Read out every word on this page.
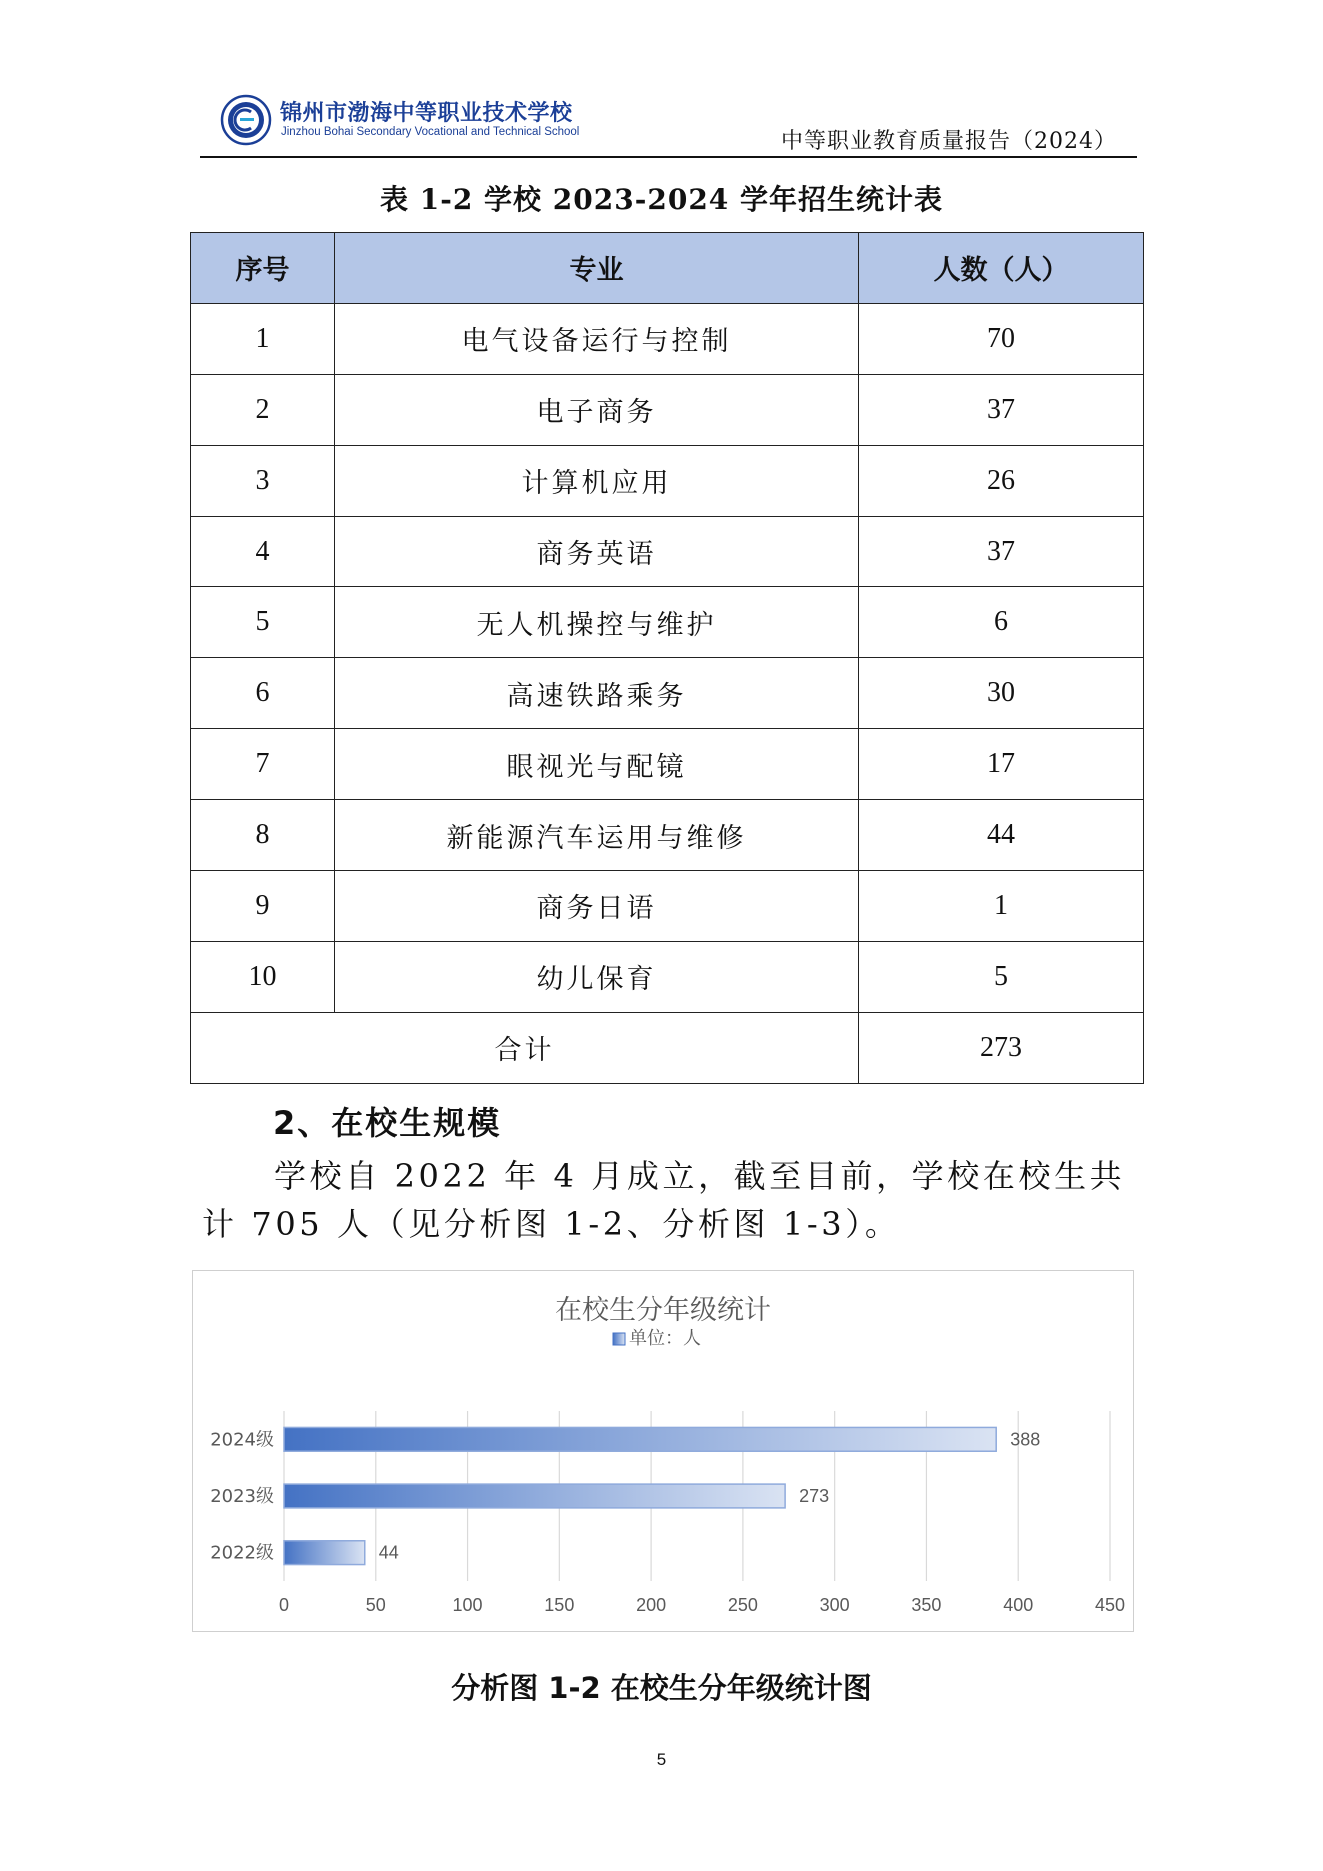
锦州市渤海中等职业技术学校
Jinzhou Bohai Secondary Vocational and Technical School	中等职业教育质量报告（2024）
表 1-2 学校 2023-2024 学年招生统计表
序号	专业	人数（人）
1	电气设备运行与控制	70
2	电子商务	37
3	计算机应用	26
4	商务英语	37
5	无人机操控与维护	6
6	高速铁路乘务	30
7	眼视光与配镜	17
8	新能源汽车运用与维修	44
9	商务日语	1
10	幼儿保育	5
合计		273
2、在校生规模
学校自 2022 年 4 月成立，截至目前，学校在校生共计 705 人（见分析图 1-2、分析图 1-3）。
在校生分年级统计
单位：人
0	50	100	150	200	250	300	350	400	450
2024级	388
2023级	273
2022级	44
分析图 1-2 在校生分年级统计图
5
